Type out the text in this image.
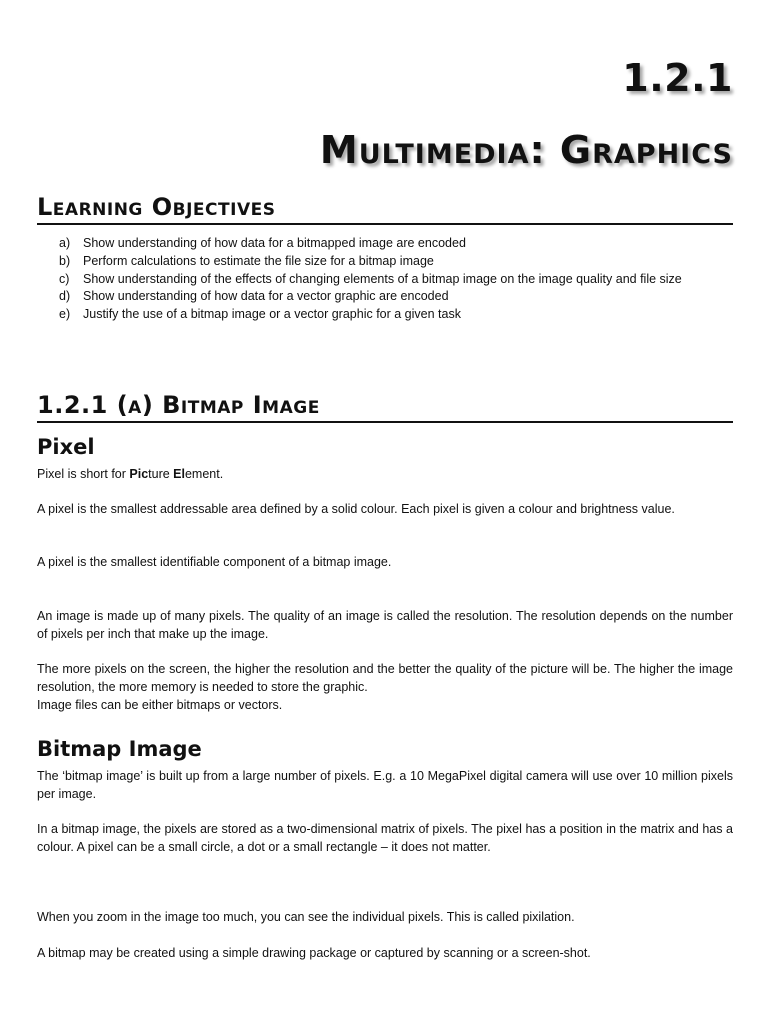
1.2.1
Multimedia: Graphics
Learning Objectives
a)	Show understanding of how data for a bitmapped image are encoded
b)	Perform calculations to estimate the file size for a bitmap image
c)	Show understanding of the effects of changing elements of a bitmap image on the image quality and file size
d)	Show understanding of how data for a vector graphic are encoded
e)	Justify the use of a bitmap image or a vector graphic for a given task
1.2.1 (a) Bitmap Image
Pixel

Pixel is short for Picture Element.

A pixel is the smallest addressable area defined by a solid colour. Each pixel is given a colour and brightness value.

A pixel is the smallest identifiable component of a bitmap image.

An image is made up of many pixels. The quality of an image is called the resolution. The resolution depends on the number of pixels per inch that make up the image.

The more pixels on the screen, the higher the resolution and the better the quality of the picture will be. The higher the image resolution, the more memory is needed to store the graphic.
Image files can be either bitmaps or vectors.

Bitmap Image

The ‘bitmap image’ is built up from a large number of pixels. E.g. a 10 MegaPixel digital camera will use over 10 million pixels per image.

In a bitmap image, the pixels are stored as a two-dimensional matrix of pixels. The pixel has a position in the matrix and has a colour. A pixel can be a small circle, a dot or a small rectangle – it does not matter.

When you zoom in the image too much, you can see the individual pixels. This is called pixilation.

A bitmap may be created using a simple drawing package or captured by scanning or a screen-shot.
